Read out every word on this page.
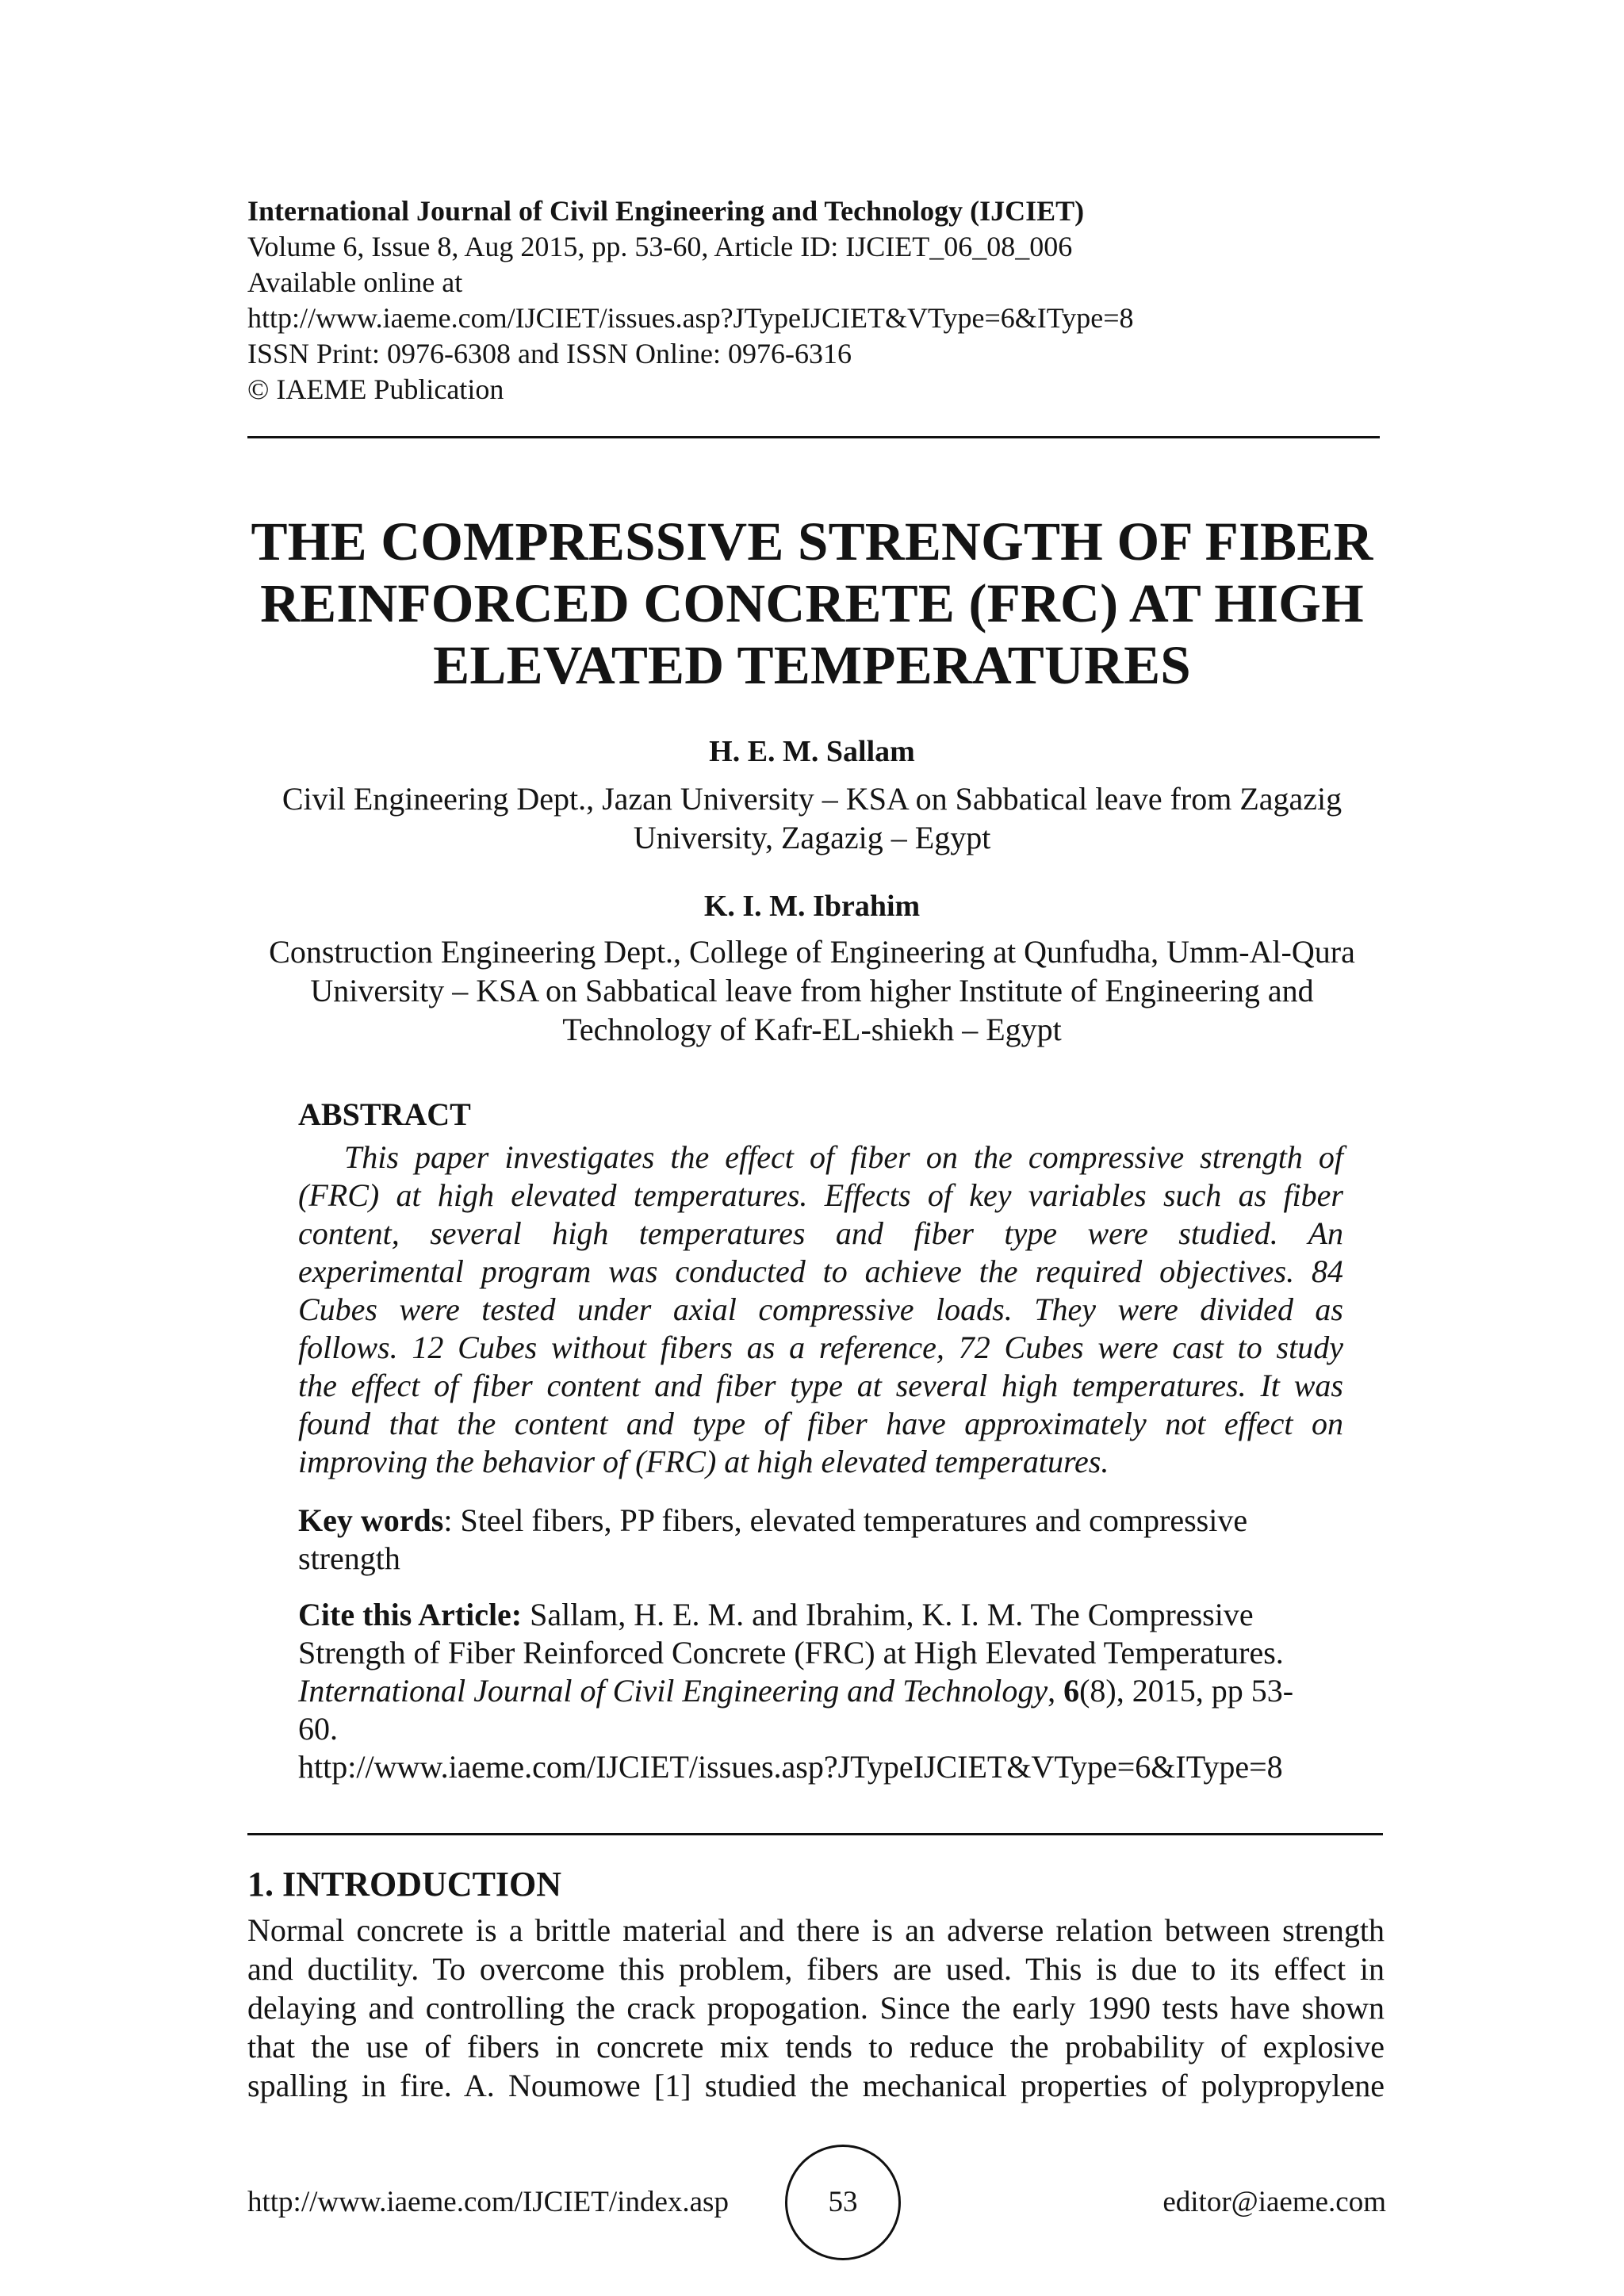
International Journal of Civil Engineering and Technology (IJCIET)
Volume 6, Issue 8, Aug 2015, pp. 53-60, Article ID: IJCIET_06_08_006
Available online at
http://www.iaeme.com/IJCIET/issues.asp?JTypeIJCIET&VType=6&IType=8
ISSN Print: 0976-6308 and ISSN Online: 0976-6316
© IAEME Publication
THE COMPRESSIVE STRENGTH OF FIBER
REINFORCED CONCRETE (FRC) AT HIGH
ELEVATED TEMPERATURES
H. E. M. Sallam
Civil Engineering Dept., Jazan University – KSA on Sabbatical leave from Zagazig
University, Zagazig – Egypt
K. I. M. Ibrahim
Construction Engineering Dept., College of Engineering at Qunfudha, Umm-Al-Qura
University – KSA on Sabbatical leave from higher Institute of Engineering and
Technology of Kafr-EL-shiekh – Egypt
ABSTRACT
This paper investigates the effect of fiber on the compressive strength of
(FRC) at high elevated temperatures. Effects of key variables such as fiber
content, several high temperatures and fiber type were studied. An
experimental program was conducted to achieve the required objectives. 84
Cubes were tested under axial compressive loads. They were divided as
follows. 12 Cubes without fibers as a reference, 72 Cubes were cast to study
the effect of fiber content and fiber type at several high temperatures. It was
found that the content and type of fiber have approximately not effect on
improving the behavior of (FRC) at high elevated temperatures.
Key words: Steel fibers, PP fibers, elevated temperatures and compressive
strength
Cite this Article: Sallam, H. E. M. and Ibrahim, K. I. M. The Compressive
Strength of Fiber Reinforced Concrete (FRC) at High Elevated Temperatures.
International Journal of Civil Engineering and Technology, 6(8), 2015, pp 53-
60.
http://www.iaeme.com/IJCIET/issues.asp?JTypeIJCIET&VType=6&IType=8
1. INTRODUCTION
Normal concrete is a brittle material and there is an adverse relation between strength
and ductility. To overcome this problem, fibers are used. This is due to its effect in
delaying and controlling the crack propogation. Since the early 1990 tests have shown
that the use of fibers in concrete mix tends to reduce the probability of explosive
spalling in fire. A. Noumowe [1] studied the mechanical properties of polypropylene
http://www.iaeme.com/IJCIET/index.asp	53	editor@iaeme.com
